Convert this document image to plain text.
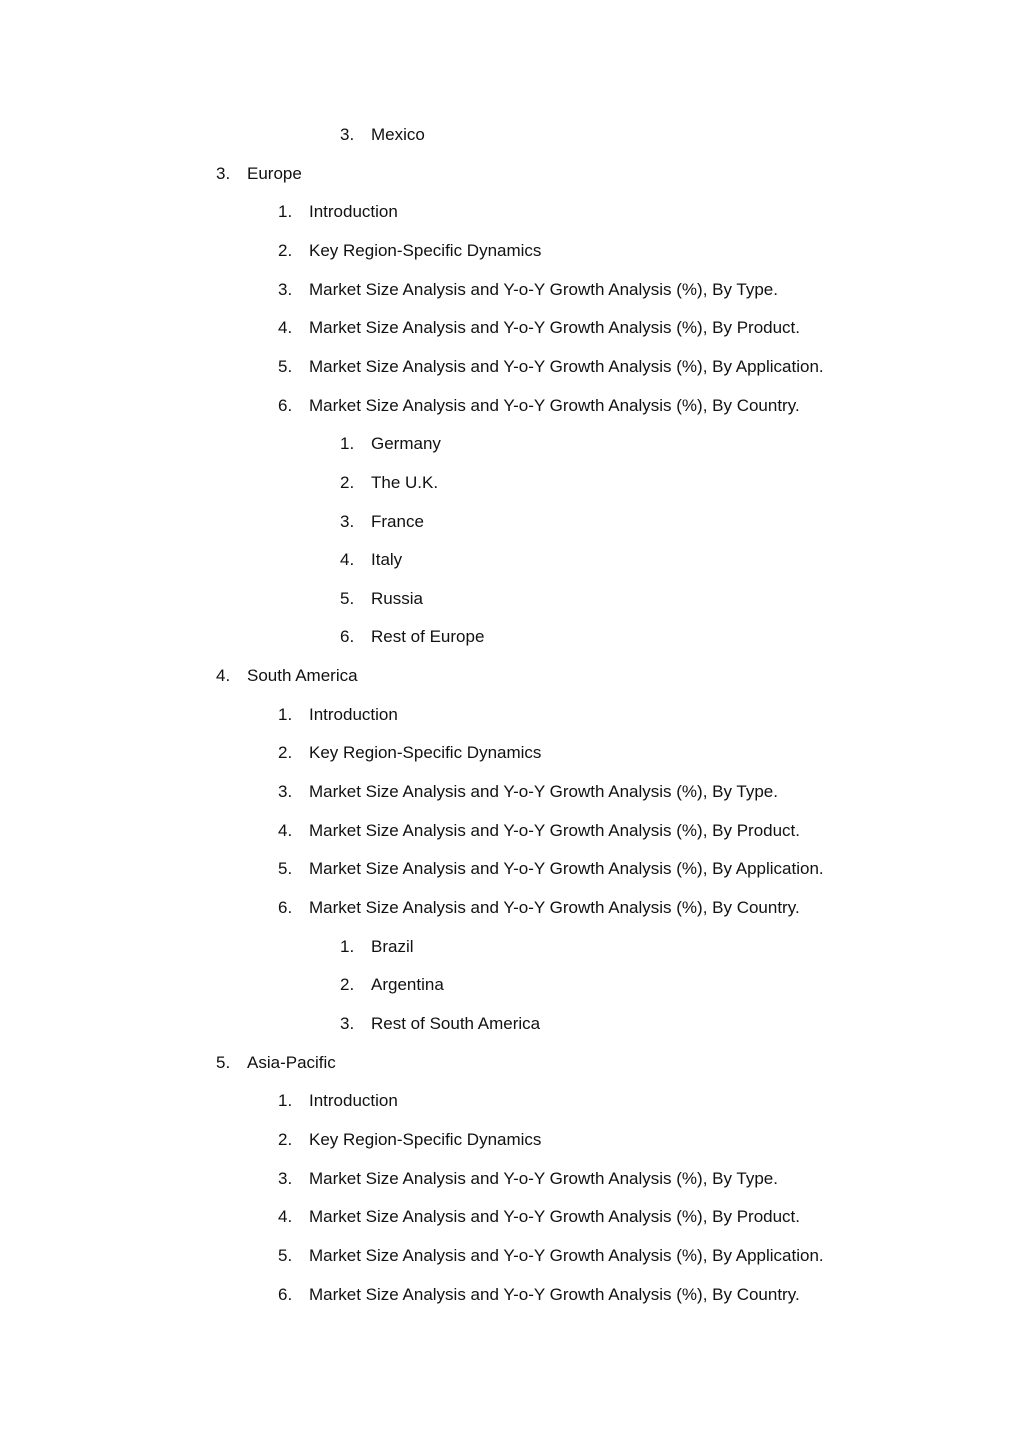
3. Mexico
3. Europe
1. Introduction
2. Key Region-Specific Dynamics
3. Market Size Analysis and Y-o-Y Growth Analysis (%), By Type.
4. Market Size Analysis and Y-o-Y Growth Analysis (%), By Product.
5. Market Size Analysis and Y-o-Y Growth Analysis (%), By Application.
6. Market Size Analysis and Y-o-Y Growth Analysis (%), By Country.
1. Germany
2. The U.K.
3. France
4. Italy
5. Russia
6. Rest of Europe
4. South America
1. Introduction
2. Key Region-Specific Dynamics
3. Market Size Analysis and Y-o-Y Growth Analysis (%), By Type.
4. Market Size Analysis and Y-o-Y Growth Analysis (%), By Product.
5. Market Size Analysis and Y-o-Y Growth Analysis (%), By Application.
6. Market Size Analysis and Y-o-Y Growth Analysis (%), By Country.
1. Brazil
2. Argentina
3. Rest of South America
5. Asia-Pacific
1. Introduction
2. Key Region-Specific Dynamics
3. Market Size Analysis and Y-o-Y Growth Analysis (%), By Type.
4. Market Size Analysis and Y-o-Y Growth Analysis (%), By Product.
5. Market Size Analysis and Y-o-Y Growth Analysis (%), By Application.
6. Market Size Analysis and Y-o-Y Growth Analysis (%), By Country.
